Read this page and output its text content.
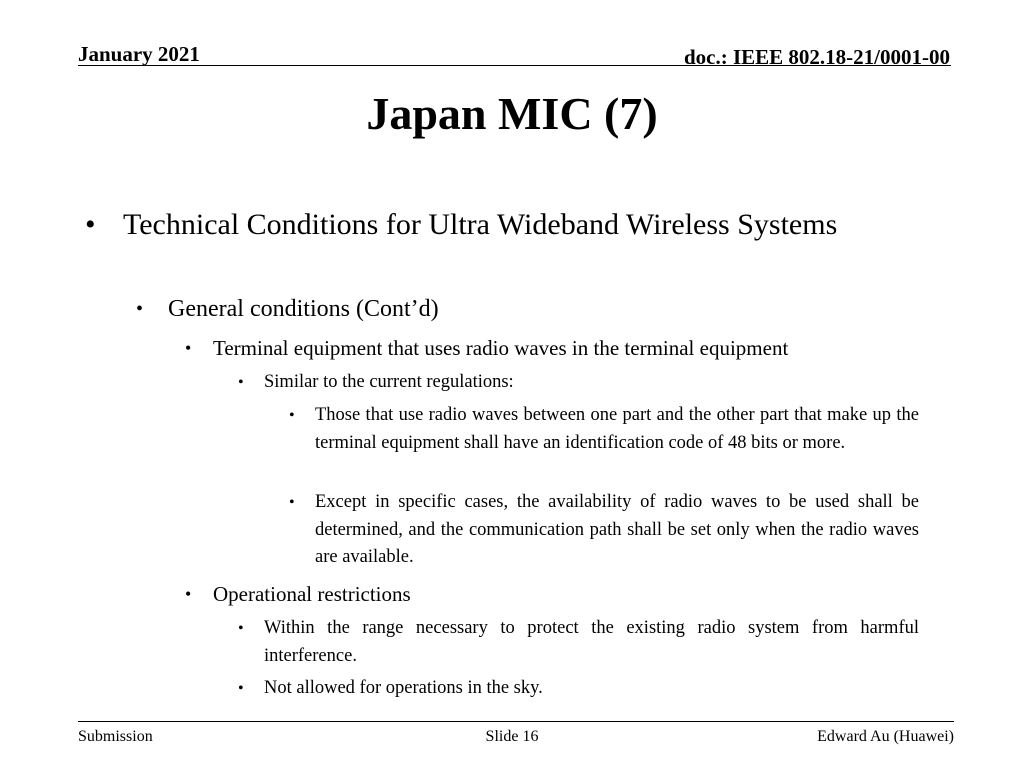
January 2021	doc.: IEEE 802.18-21/0001-00
Japan MIC (7)
• Technical Conditions for Ultra Wideband Wireless Systems
• General conditions (Cont’d)
• Terminal equipment that uses radio waves in the terminal equipment
• Similar to the current regulations:
• Those that use radio waves between one part and the other part that make up the terminal equipment shall have an identification code of 48 bits or more.
• Except in specific cases, the availability of radio waves to be used shall be determined, and the communication path shall be set only when the radio waves are available.
• Operational restrictions
• Within the range necessary to protect the existing radio system from harmful interference.
• Not allowed for operations in the sky.
Submission	Slide 16	Edward Au (Huawei)
